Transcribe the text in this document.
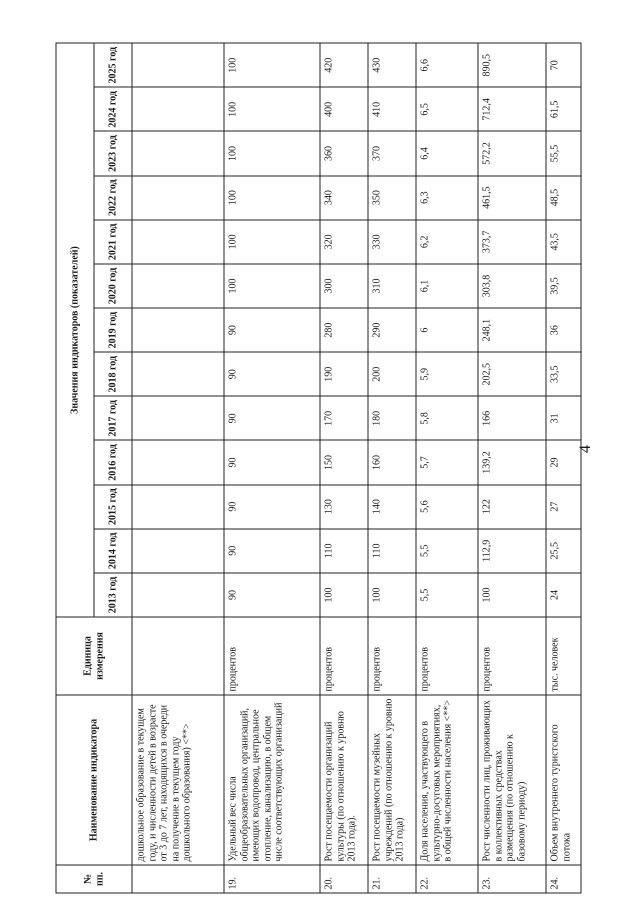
4
№ пп.	Наименование индикатора	Единица измерения	Значения индикаторов (показателей)												
			2013 год	2014 год	2015 год	2016 год	2017 год	2018 год	2019 год	2020 год	2021 год	2022 год	2023 год	2024 год	2025 год
	дошкольное образование в текущем году, и численности детей в возрасте от 3 до 7 лет, находящихся в очереди на получение в текущем году дошкольного образования) <**>														
19.	Удельный вес числа общеобразовательных организаций, имеющих водопровод, центральное отопление, канализацию, в общем числе соответствующих организаций	процентов	90	90	90	90	90	90	90	100	100	100	100	100	100
20.	Рост посещаемости организаций культуры (по отношению к уровню 2013 года).	процентов	100	110	130	150	170	190	280	300	320	340	360	400	420
21.	Рост посещаемости музейных учреждений (по отношению к уровню 2013 года)	процентов	100	110	140	160	180	200	290	310	330	350	370	410	430
22.	Доля населения, участвующего в культурно-досуговых мероприятиях, в общей численности населения <**>	процентов	5,5	5,5	5,6	5,7	5,8	5,9	6	6,1	6,2	6,3	6,4	6,5	6,6
23.	Рост численности лиц, проживающих в коллективных средствах размещения (по отношению к базовому периоду)	процентов	100	112,9	122	139,2	166	202,5	248,1	303,8	373,7	461,5	572,2	712,4	890,5
24.	Объем внутреннего туристского потока	тыс. человек	24	25,5	27	29	31	33,5	36	39,5	43,5	48,5	55,5	61,5	70
